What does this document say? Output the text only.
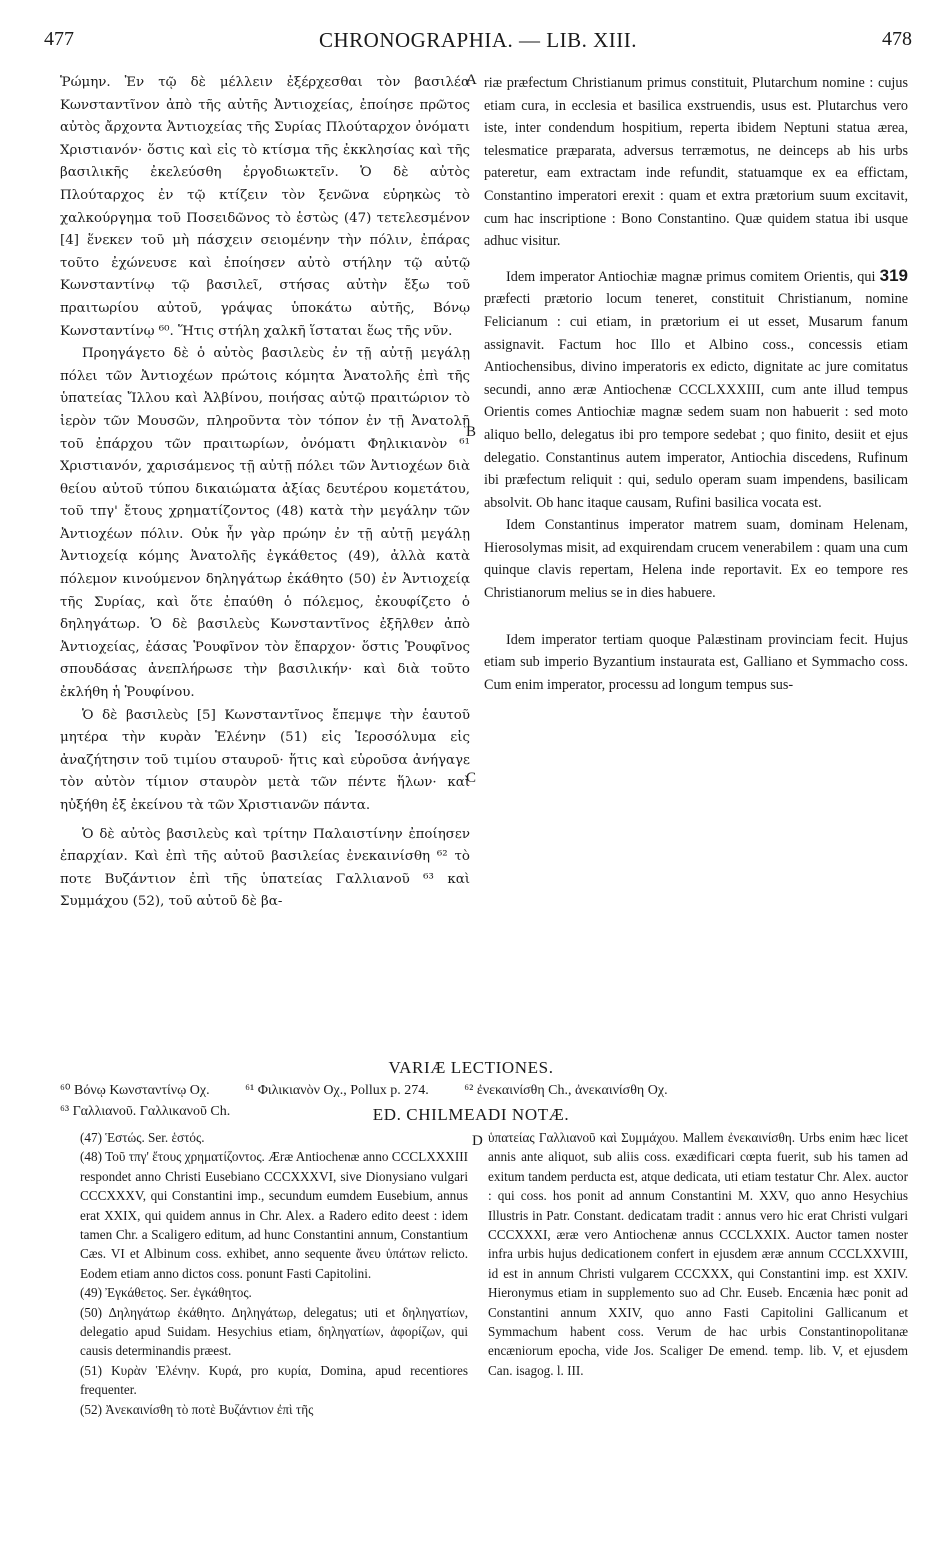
477	CHRONOGRAPHIA. — LIB. XIII.	478
A
B
C
D

Ῥώμην. Ἐν τῷ δὲ μέλλειν ἐξέρχεσθαι τὸν βασιλέα Κωνσταντῖνον ἀπὸ τῆς αὐτῆς Ἀντιοχείας, ἐποίησε πρῶτος αὐτὸς ἄρχοντα Ἀντιοχείας τῆς Συρίας Πλούταρχον ὀνόματι Χριστιανόν· ὅστις καὶ εἰς τὸ κτίσμα τῆς ἐκκλησίας καὶ τῆς βασιλικῆς ἐκελεύσθη ἐργοδιωκτεῖν. Ὁ δὲ αὐτὸς Πλούταρχος ἐν τῷ κτίζειν τὸν ξενῶνα εὑρηκὼς τὸ χαλκούργημα τοῦ Ποσειδῶνος τὸ ἑστὼς (47) τετελεσμένον [4] ἕνεκεν τοῦ μὴ πάσχειν σειομένην τὴν πόλιν, ἐπάρας τοῦτο ἐχώνευσε καὶ ἐποίησεν αὐτὸ στήλην τῷ αὐτῷ Κωνσταντίνῳ τῷ βασιλεῖ, στήσας αὐτὴν ἔξω τοῦ πραιτωρίου αὐτοῦ, γράψας ὑποκάτω αὐτῆς, Βόνῳ Κωνσταντίνῳ ⁶⁰. Ἥτις στήλη χαλκῆ ἵσταται ἕως τῆς νῦν.

Προηγάγετο δὲ ὁ αὐτὸς βασιλεὺς ἐν τῇ αὐτῇ μεγάλῃ πόλει τῶν Ἀντιοχέων πρώτοις κόμητα Ἀνατολῆς ἐπὶ τῆς ὑπατείας Ἴλλου καὶ Ἀλβίνου, ποιήσας αὐτῷ πραιτώριον τὸ ἱερὸν τῶν Μουσῶν, πληροῦντα τὸν τόπον ἐν τῇ Ἀνατολῇ τοῦ ἐπάρχου τῶν πραιτωρίων, ὀνόματι Φηλικιανὸν ⁶¹ Χριστιανόν, χαρισάμενος τῇ αὐτῇ πόλει τῶν Ἀντιοχέων διὰ θείου αὐτοῦ τύπου δικαιώματα ἀξίας δευτέρου κομετάτου, τοῦ τπγ' ἔτους χρηματίζοντος (48) κατὰ τὴν μεγάλην τῶν Ἀντιοχέων πόλιν. Οὐκ ἦν γὰρ πρώην ἐν τῇ αὐτῇ μεγάλῃ Ἀντιοχείᾳ κόμης Ἀνατολῆς ἐγκάθετος (49), ἀλλὰ κατὰ πόλεμον κινούμενον δηληγάτωρ ἐκάθητο (50) ἐν Ἀντιοχείᾳ τῆς Συρίας, καὶ ὅτε ἐπαύθη ὁ πόλεμος, ἐκουφίζετο ὁ δηληγάτωρ. Ὁ δὲ βασιλεὺς Κωνσταντῖνος ἐξῆλθεν ἀπὸ Ἀντιοχείας, ἐάσας Ῥουφῖνον τὸν ἔπαρχον· ὅστις Ῥουφῖνος σπουδάσας ἀνεπλήρωσε τὴν βασιλικήν· καὶ διὰ τοῦτο ἐκλήθη ἡ Ῥουφίνου.

Ὁ δὲ βασιλεὺς [5] Κωνσταντῖνος ἔπεμψε τὴν ἑαυτοῦ μητέρα τὴν κυρὰν Ἑλένην (51) εἰς Ἱεροσόλυμα εἰς ἀναζήτησιν τοῦ τιμίου σταυροῦ· ἥτις καὶ εὑροῦσα ἀνήγαγε τὸν αὐτὸν τίμιον σταυρὸν μετὰ τῶν πέντε ἥλων· καὶ ηὐξήθη ἐξ ἐκείνου τὰ τῶν Χριστιανῶν πάντα.

Ὁ δὲ αὐτὸς βασιλεὺς καὶ τρίτην Παλαιστίνην ἐποίησεν ἐπαρχίαν. Καὶ ἐπὶ τῆς αὐτοῦ βασιλείας ἐνεκαινίσθη ⁶² τὸ ποτε Βυζάντιον ἐπὶ τῆς ὑπατείας Γαλλιανοῦ ⁶³ καὶ Συμμάχου (52), τοῦ αὐτοῦ δὲ βα-

riæ præfectum Christianum primus constituit, Plutarchum nomine : cujus etiam cura, in ecclesia et basilica exstruendis, usus est. Plutarchus vero iste, inter condendum hospitium, reperta ibidem Neptuni statua ærea, telesmatice præparata, adversus terræmotus, ne deinceps ab his urbs pateretur, eam extractam inde refundit, statuamque ex ea effictam, Constantino imperatori erexit : quam et extra prætorium suum excitavit, cum hac inscriptione : Bono Constantino. Quæ quidem statua ibi usque adhuc visitur.

Idem imperator Antiochiæ magnæ primus comitem Orientis, qui 319 præfecti prætorio locum teneret, constituit Christianum, nomine Felicianum : cui etiam, in prætorium ei ut esset, Musarum fanum assignavit. Factum hoc Illo et Albino coss., concessis etiam Antiochensibus, divino imperatoris ex edicto, dignitate ac jure comitatus secundi, anno æræ Antiochenæ CCCLXXXIII, cum ante illud tempus Orientis comes Antiochiæ magnæ sedem suam non habuerit : sed moto aliquo bello, delegatus ibi pro tempore sedebat ; quo finito, desiit et ejus delegatio. Constantinus autem imperator, Antiochia discedens, Rufinum ibi præfectum reliquit : qui, sedulo operam suam impendens, basilicam absolvit. Ob hanc itaque causam, Rufini basilica vocata est.

Idem Constantinus imperator matrem suam, dominam Helenam, Hierosolymas misit, ad exquirendam crucem venerabilem : quam una cum quinque clavis repertam, Helena inde reportavit. Ex eo tempore res Christianorum melius se in dies habuere.

Idem imperator tertiam quoque Palæstinam provinciam fecit. Hujus etiam sub imperio Byzantium instaurata est, Galliano et Symmacho coss. Cum enim imperator, processu ad longum tempus sus-

VARIÆ LECTIONES.
⁶⁰ Βόνῳ Κωνσταντίνῳ Οχ.	⁶¹ Φιλικιανὸν Οχ., Pollux p. 274.	⁶² ἐνεκαινίσθη Ch., ἀνεκαινίσθη Οχ.
⁶³ Γαλλιανοῦ. Γαλλικανοῦ Ch.	ED. CHILMEADI NOTÆ.

(47) Ἑστώς. Ser. ἑστός.

(48) Τοῦ τπγ' ἔτους χρηματίζοντος. Æræ Antiochenæ anno CCCLXXXIII respondet anno Christi Eusebiano CCCXXXVI, sive Dionysiano vulgari CCCXXXV, qui Constantini imp., secundum eumdem Eusebium, annus erat XXIX, qui quidem annus in Chr. Alex. a Radero edito deest : idem tamen Chr. a Scaligero editum, ad hunc Constantini annum, Constantium Cæs. VI et Albinum coss. exhibet, anno sequente ἄνευ ὑπάτων relicto. Eodem etiam anno dictos coss. ponunt Fasti Capitolini.

(49) Ἐγκάθετος. Ser. ἐγκάθητος.

(50) Δηληγάτωρ ἐκάθητο. Δηληγάτωρ, delegatus; uti et δηληγατίων, delegatio apud Suidam. Hesychius etiam, δηληγατίων, ἀφορίζων, qui causis determinandis præest.

(51) Κυρὰν Ἑλένην. Κυρά, pro κυρία, Domina, apud recentiores frequenter.

(52) Ἀνεκαινίσθη τὸ ποτὲ Βυζάντιον ἐπὶ τῆς

ὑπατείας Γαλλιανοῦ καὶ Συμμάχου. Mallem ἐνεκαινίσθη. Urbs enim hæc licet annis ante aliquot, sub aliis coss. exædificari cœpta fuerit, sub his tamen ad exitum tandem perducta est, atque dedicata, uti etiam testatur Chr. Alex. auctor : qui coss. hos ponit ad annum Constantini M. XXV, quo anno Hesychius Illustris in Patr. Constant. dedicatam tradit : annus vero hic erat Christi vulgari CCCXXXI, æræ vero Antiochenæ annus CCCLXXIX. Auctor tamen noster infra urbis hujus dedicationem confert in ejusdem æræ annum CCCLXXVIII, id est in annum Christi vulgarem CCCXXX, qui Constantini imp. est XXIV. Hieronymus etiam in supplemento suo ad Chr. Euseb. Encænia hæc ponit ad Constantini annum XXIV, quo anno Fasti Capitolini Gallicanum et Symmachum habent coss. Verum de hac urbis Constantinopolitanæ encæniorum epocha, vide Jos. Scaliger De emend. temp. lib. V, et ejusdem Can. isagog. l. III.
